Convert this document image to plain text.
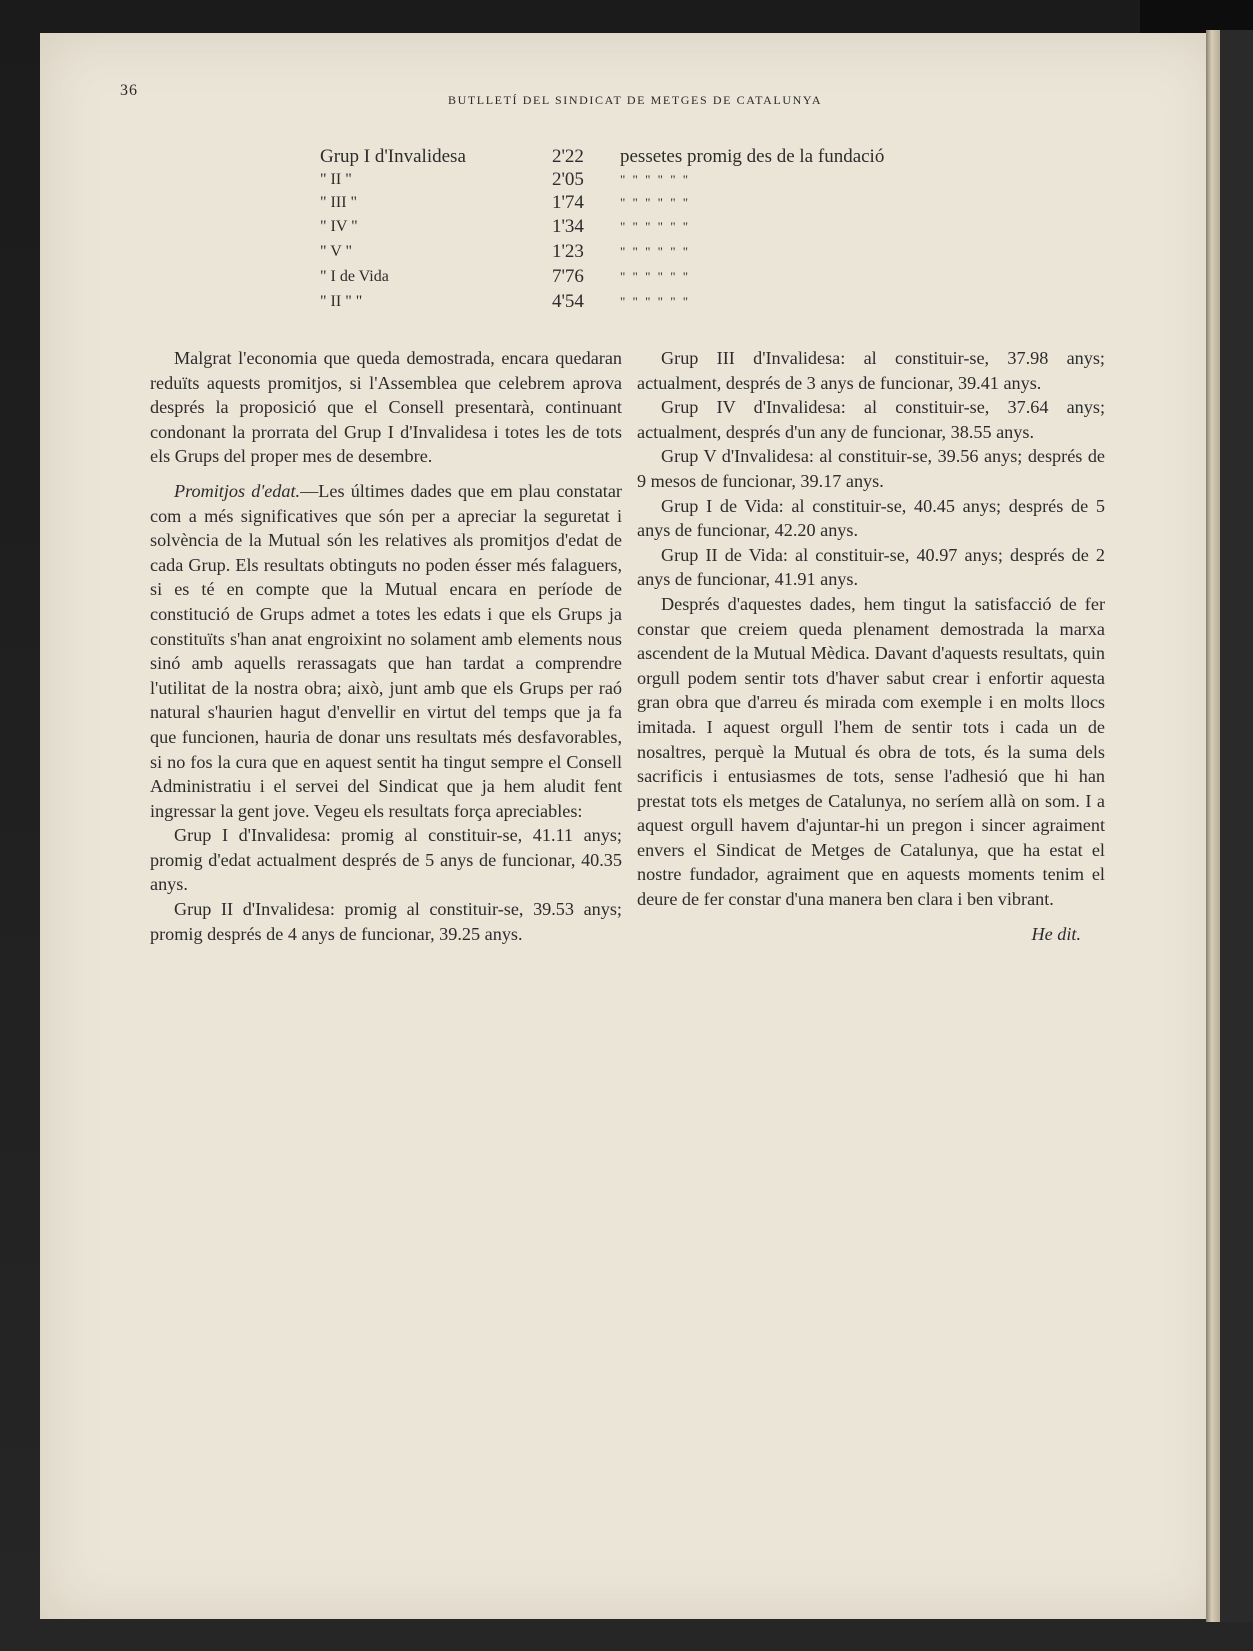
36
BUTLLETÍ DEL SINDICAT DE METGES DE CATALUNYA
Grup I d'Invalidesa	2'22 pessetes promig des de la fundació
" II "	2'05	" " " " " "
" III "	1'74	" " " " " "
" IV "	1'34	" " " " " "
" V "	1'23	" " " " " "
" I de Vida	7'76	" " " " " "
" II " "	4'54	" " " " " "

Malgrat l'economia que queda demostrada, encara quedaran reduïts aquests promitjos, si l'Assemblea que celebrem aprova després la proposició que el Consell presentarà, continuant condonant la prorrata del Grup I d'Invalidesa i totes les de tots els Grups del proper mes de desembre.

Promitjos d'edat.—Les últimes dades que em plau constatar com a més significatives que són per a apreciar la seguretat i solvència de la Mutual són les relatives als promitjos d'edat de cada Grup. Els resultats obtinguts no poden ésser més falaguers, si es té en compte que la Mutual encara en període de constitució de Grups admet a totes les edats i que els Grups ja constituïts s'han anat engroixint no solament amb elements nous sinó amb aquells rerassagats que han tardat a comprendre l'utilitat de la nostra obra; això, junt amb que els Grups per raó natural s'haurien hagut d'envellir en virtut del temps que ja fa que funcionen, hauria de donar uns resultats més desfavorables, si no fos la cura que en aquest sentit ha tingut sempre el Consell Administratiu i el servei del Sindicat que ja hem aludit fent ingressar la gent jove. Vegeu els resultats força apreciables:

Grup I d'Invalidesa: promig al constituir-se, 41.11 anys; promig d'edat actualment després de 5 anys de funcionar, 40.35 anys.

Grup II d'Invalidesa: promig al constituir-se, 39.53 anys; promig després de 4 anys de funcionar, 39.25 anys.

Grup III d'Invalidesa: al constituir-se, 37.98 anys; actualment, després de 3 anys de funcionar, 39.41 anys.

Grup IV d'Invalidesa: al constituir-se, 37.64 anys; actualment, després d'un any de funcionar, 38.55 anys.

Grup V d'Invalidesa: al constituir-se, 39.56 anys; després de 9 mesos de funcionar, 39.17 anys.

Grup I de Vida: al constituir-se, 40.45 anys; després de 5 anys de funcionar, 42.20 anys.

Grup II de Vida: al constituir-se, 40.97 anys; després de 2 anys de funcionar, 41.91 anys.

Després d'aquestes dades, hem tingut la satisfacció de fer constar que creiem queda plenament demostrada la marxa ascendent de la Mutual Mèdica. Davant d'aquests resultats, quin orgull podem sentir tots d'haver sabut crear i enfortir aquesta gran obra que d'arreu és mirada com exemple i en molts llocs imitada. I aquest orgull l'hem de sentir tots i cada un de nosaltres, perquè la Mutual és obra de tots, és la suma dels sacrificis i entusiasmes de tots, sense l'adhesió que hi han prestat tots els metges de Catalunya, no seríem allà on som. I a aquest orgull havem d'ajuntar-hi un pregon i sincer agraiment envers el Sindicat de Metges de Catalunya, que ha estat el nostre fundador, agraiment que en aquests moments tenim el deure de fer constar d'una manera ben clara i ben vibrant.

He dit.
